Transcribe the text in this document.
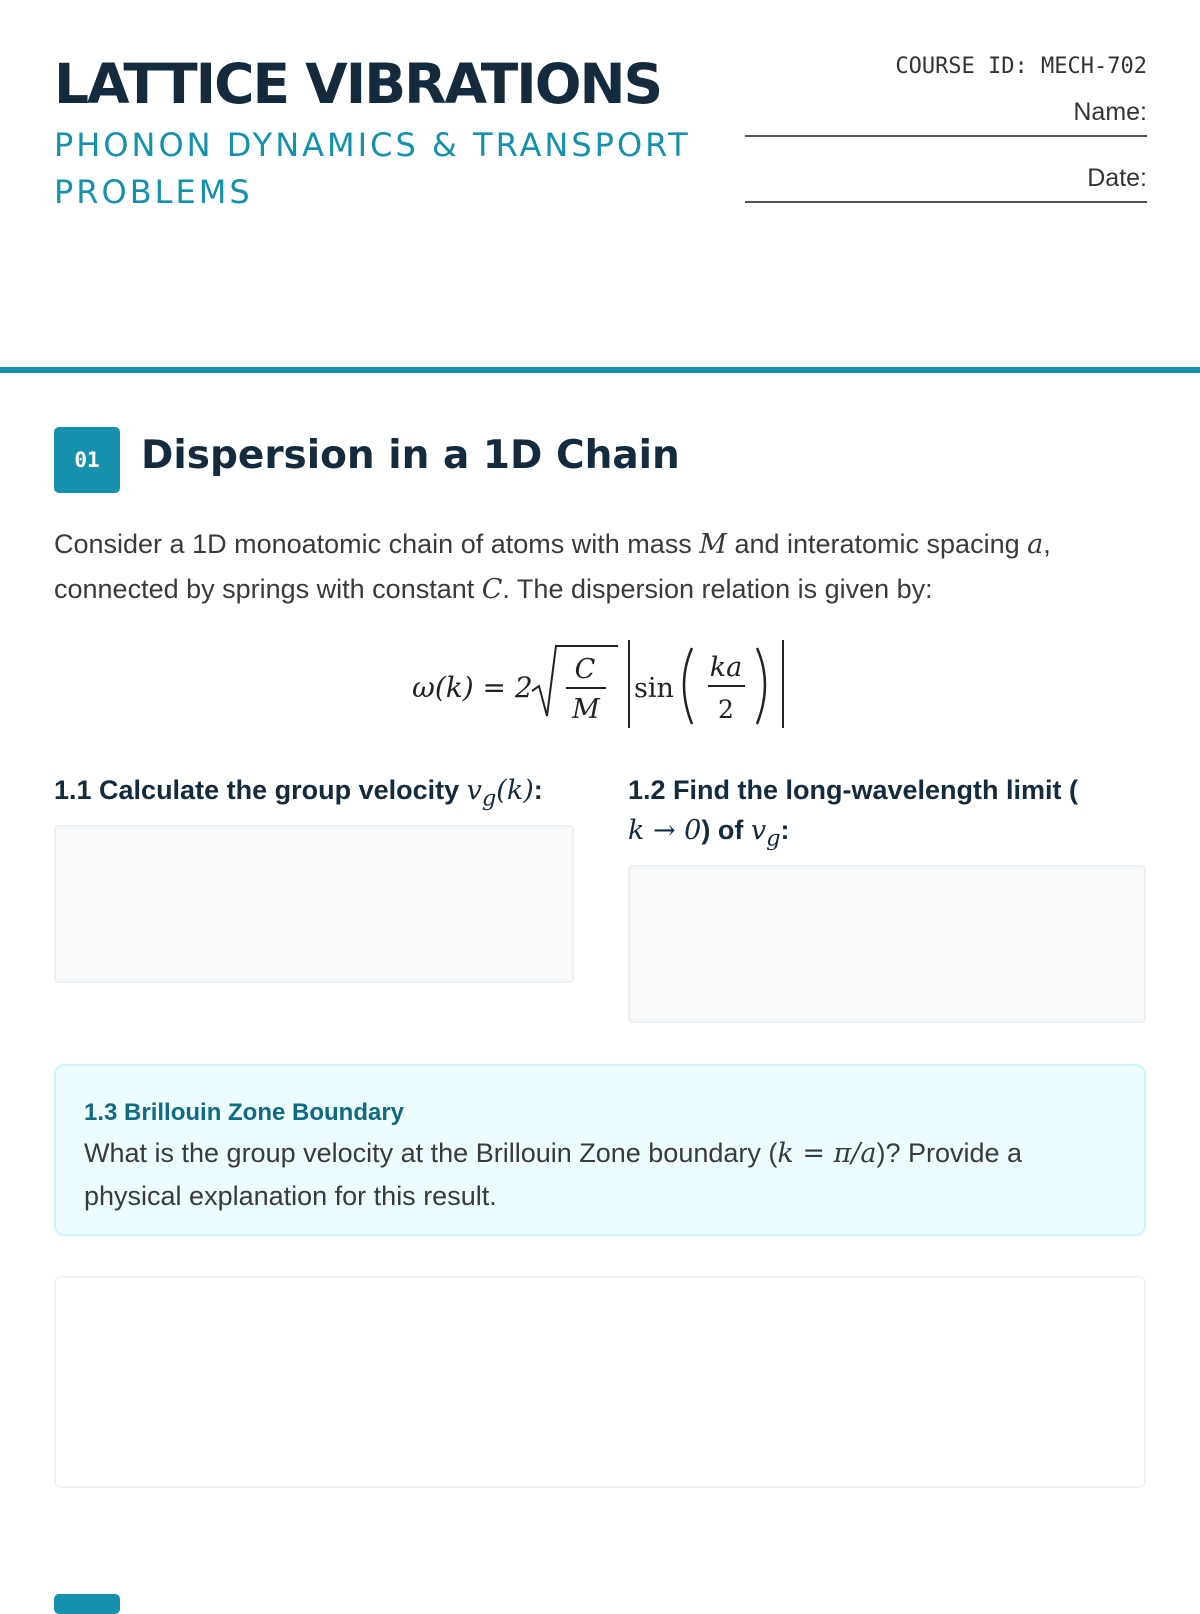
LATTICE VIBRATIONS
PHONON DYNAMICS & TRANSPORT PROBLEMS

COURSE ID: MECH-702

Name:

Date:

01	Dispersion in a 1D Chain

Consider a 1D monoatomic chain of atoms with mass M and interatomic spacing a,
connected by springs with constant C. The dispersion relation is given by:

ω(k) = 2
C
M
sin
ka
2

1.1 Calculate the group velocity $v_g(k)$:	1.2 Find the long-wavelength limit (
k → 0) of $v_g$:

1.3 Brillouin Zone Boundary

What is the group velocity at the Brillouin Zone boundary (k = π/a)? Provide a
physical explanation for this result.
